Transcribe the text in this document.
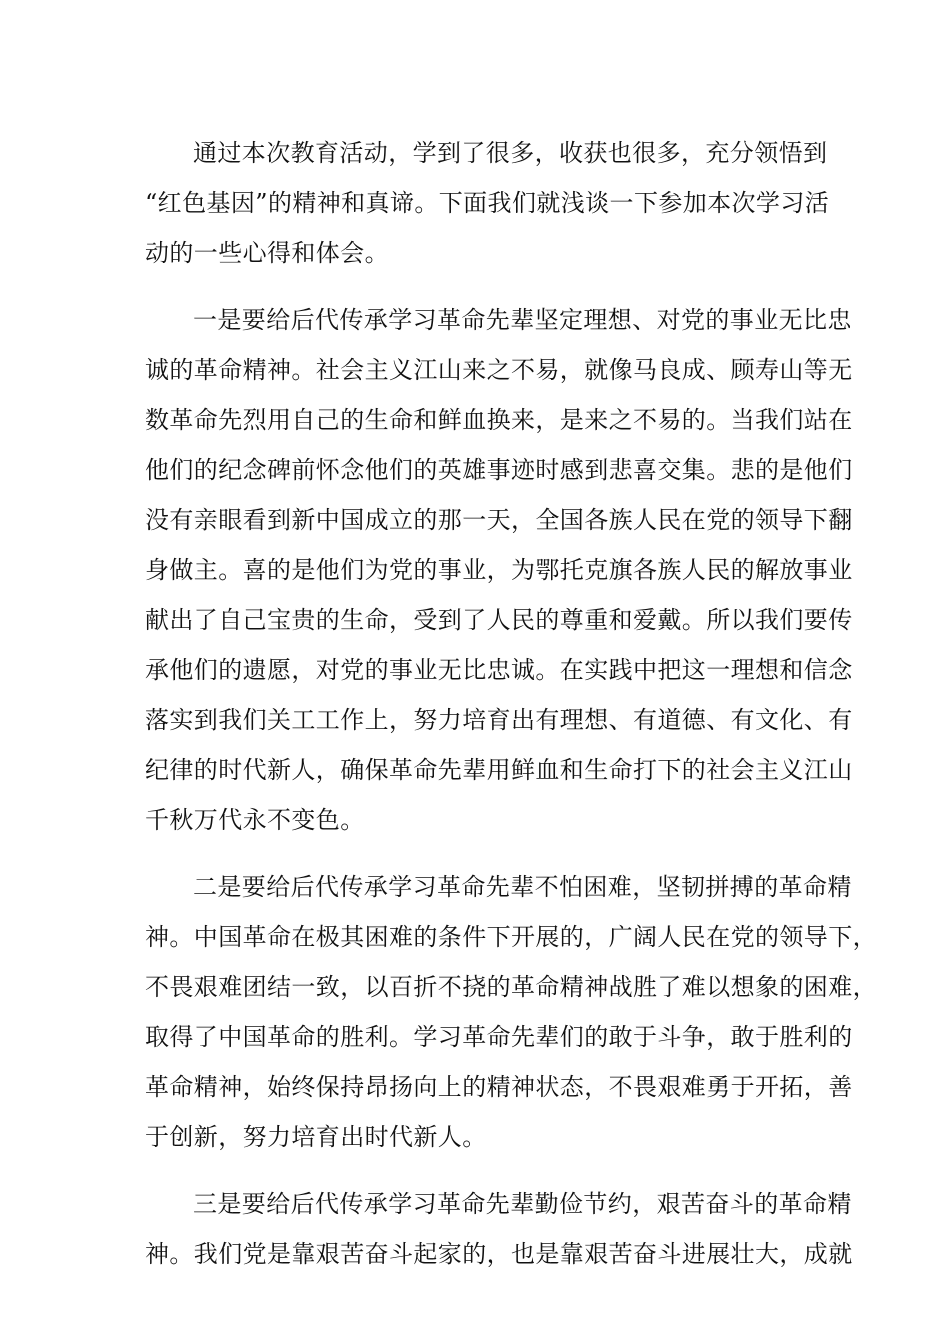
通过本次教育活动，学到了很多，收获也很多，充分领悟到
“红色基因”的精神和真谛。下面我们就浅谈一下参加本次学习活
动的一些心得和体会。
一是要给后代传承学习革命先辈坚定理想、对党的事业无比忠
诚的革命精神。社会主义江山来之不易，就像马良成、顾寿山等无
数革命先烈用自己的生命和鲜血换来，是来之不易的。当我们站在
他们的纪念碑前怀念他们的英雄事迹时感到悲喜交集。悲的是他们
没有亲眼看到新中国成立的那一天，全国各族人民在党的领导下翻
身做主。喜的是他们为党的事业，为鄂托克旗各族人民的解放事业
献出了自己宝贵的生命，受到了人民的尊重和爱戴。所以我们要传
承他们的遗愿，对党的事业无比忠诚。在实践中把这一理想和信念
落实到我们关工工作上，努力培育出有理想、有道德、有文化、有
纪律的时代新人，确保革命先辈用鲜血和生命打下的社会主义江山
千秋万代永不变色。
二是要给后代传承学习革命先辈不怕困难，坚韧拼搏的革命精
神。中国革命在极其困难的条件下开展的，广阔人民在党的领导下，
不畏艰难团结一致，以百折不挠的革命精神战胜了难以想象的困难，
取得了中国革命的胜利。学习革命先辈们的敢于斗争，敢于胜利的
革命精神，始终保持昂扬向上的精神状态，不畏艰难勇于开拓，善
于创新，努力培育出时代新人。
三是要给后代传承学习革命先辈勤俭节约，艰苦奋斗的革命精
神。我们党是靠艰苦奋斗起家的，也是靠艰苦奋斗进展壮大，成就
